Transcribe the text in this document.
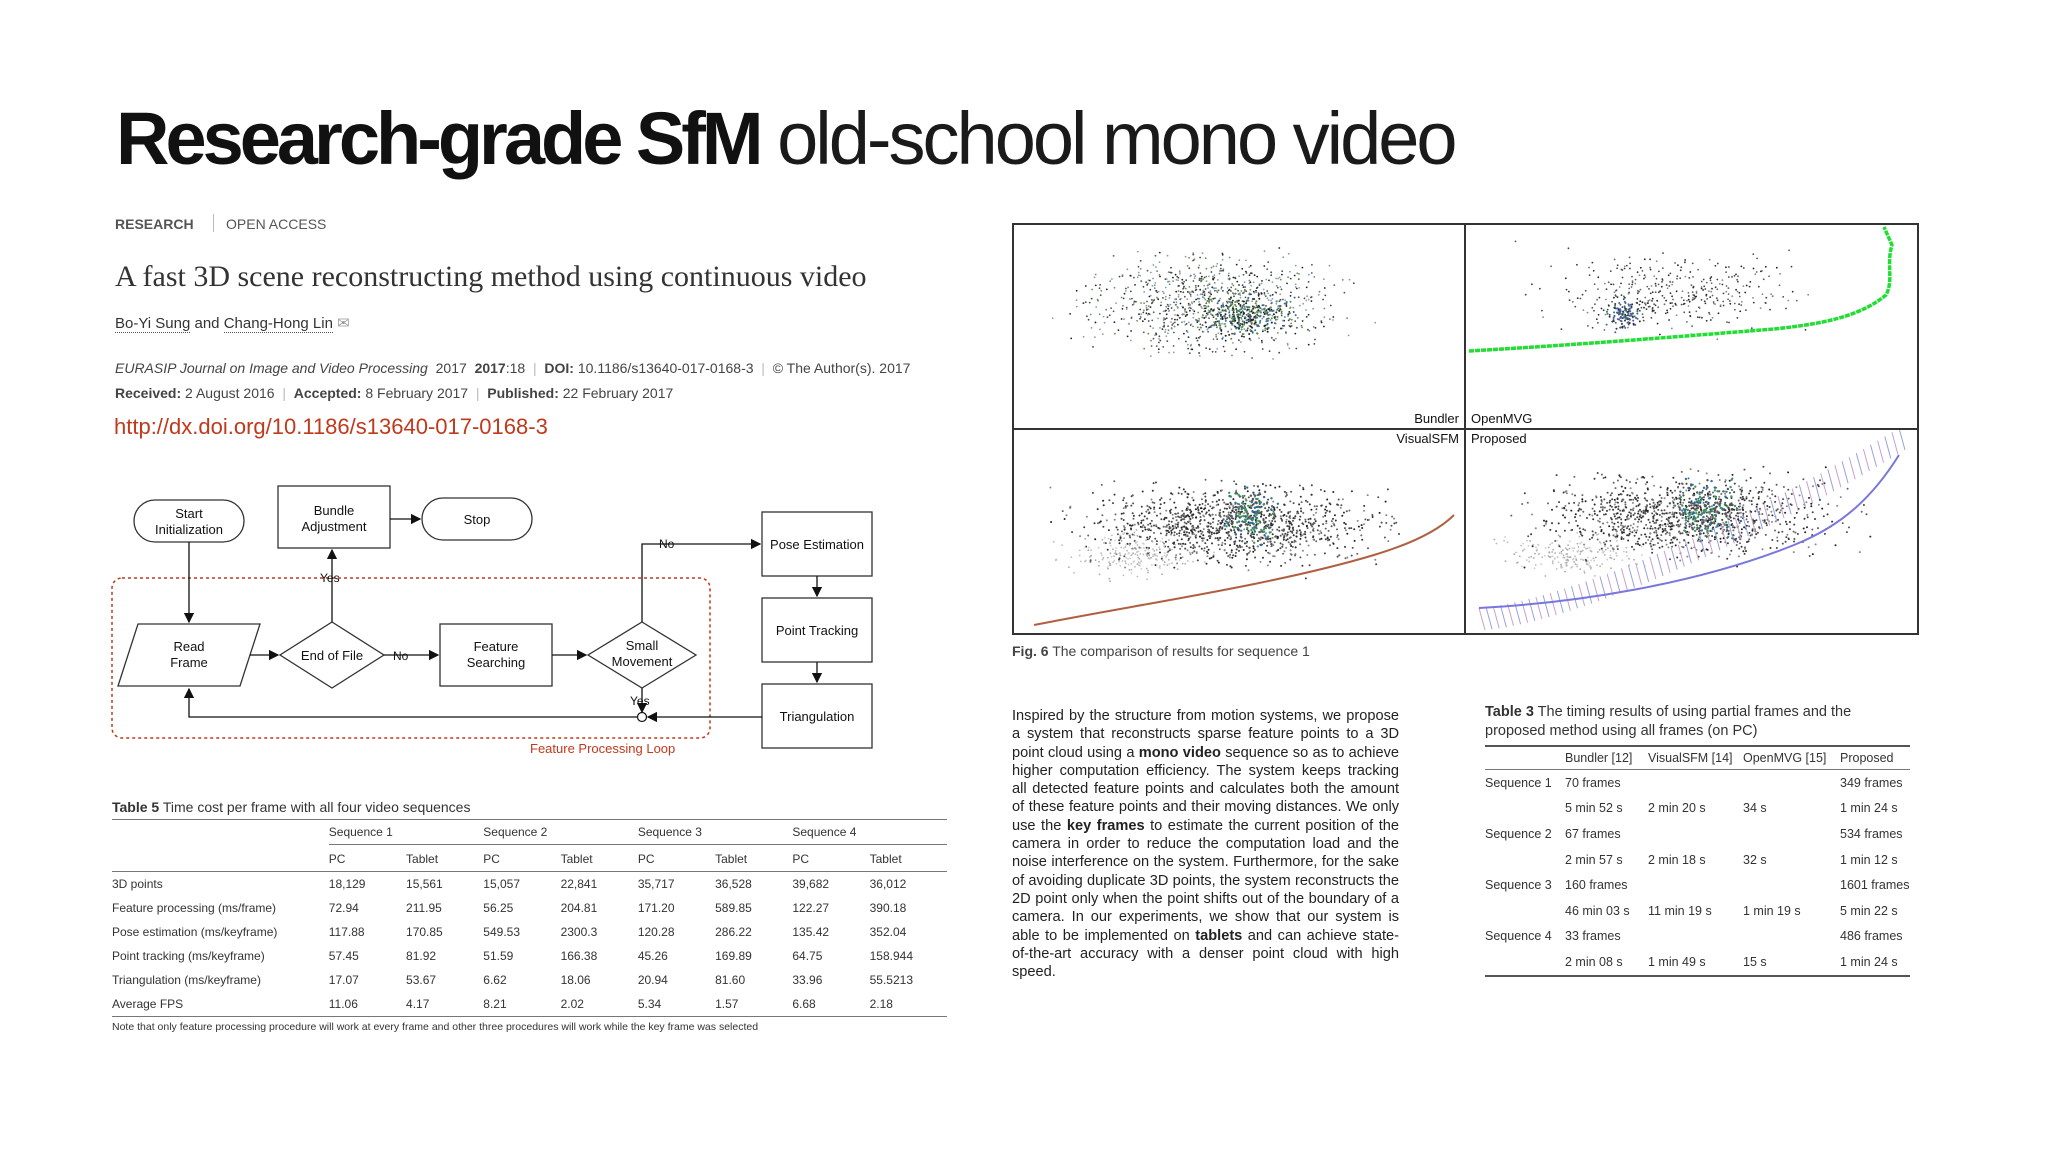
Research-grade SfM old-school mono video
RESEARCH OPEN ACCESS
A fast 3D scene reconstructing method using continuous video
Bo-Yi Sung and Chang-Hong Lin ✉
EURASIP Journal on Image and Video Processing 2017 2017:18  |  DOI: 10.1186/s13640-017-0168-3  |  © The Author(s). 2017
Received: 2 August 2016  |  Accepted: 8 February 2017  |  Published: 22 February 2017
http://dx.doi.org/10.1186/s13640-017-0168-3
Start Initialization
Bundle Adjustment	Stop
Read Frame	End of File
Feature Searching
Small Movement
Pose Estimation
Point Tracking
Triangulation
No
Yes
No
Yes
Feature Processing Loop
Table 5 Time cost per frame with all four video sequences
	Sequence 1		Sequence 2		Sequence 3		Sequence 4	
	PC	Tablet	PC	Tablet	PC	Tablet	PC	Tablet
3D points	18,129	15,561	15,057	22,841	35,717	36,528	39,682	36,012
Feature processing (ms/frame)	72.94	211.95	56.25	204.81	171.20	589.85	122.27	390.18
Pose estimation (ms/keyframe)	117.88	170.85	549.53	2300.3	120.28	286.22	135.42	352.04
Point tracking (ms/keyframe)	57.45	81.92	51.59	166.38	45.26	169.89	64.75	158.944
Triangulation (ms/keyframe)	17.07	53.67	6.62	18.06	20.94	81.60	33.96	55.5213
Average FPS	11.06	4.17	8.21	2.02	5.34	1.57	6.68	2.18
Note that only feature processing procedure will work at every frame and other three procedures will work while the key frame was selected
Bundler OpenMVG
VisualSFM Proposed
Fig. 6 The comparison of results for sequence 1
Inspired by the structure from motion systems, we propose a system that reconstructs sparse feature points to a 3D point cloud using a mono video sequence so as to achieve higher computation efficiency. The system keeps tracking all detected feature points and calculates both the amount of these feature points and their moving distances. We only use the key frames to estimate the current position of the camera in order to reduce the computation load and the noise interference on the system. Furthermore, for the sake of avoiding duplicate 3D points, the system reconstructs the 2D point only when the point shifts out of the boundary of a camera. In our experiments, we show that our system is able to be implemented on tablets and can achieve state-of-the-art accuracy with a denser point cloud with high speed.
Table 3 The timing results of using partial frames and the proposed method using all frames (on PC)
	Bundler [12]	VisualSFM [14]	OpenMVG [15]	Proposed
Sequence 1	70 frames			349 frames
	5 min 52 s	2 min 20 s	34 s	1 min 24 s
Sequence 2	67 frames			534 frames
	2 min 57 s	2 min 18 s	32 s	1 min 12 s
Sequence 3	160 frames			1601 frames
	46 min 03 s	11 min 19 s	1 min 19 s	5 min 22 s
Sequence 4	33 frames			486 frames
	2 min 08 s	1 min 49 s	15 s	1 min 24 s
